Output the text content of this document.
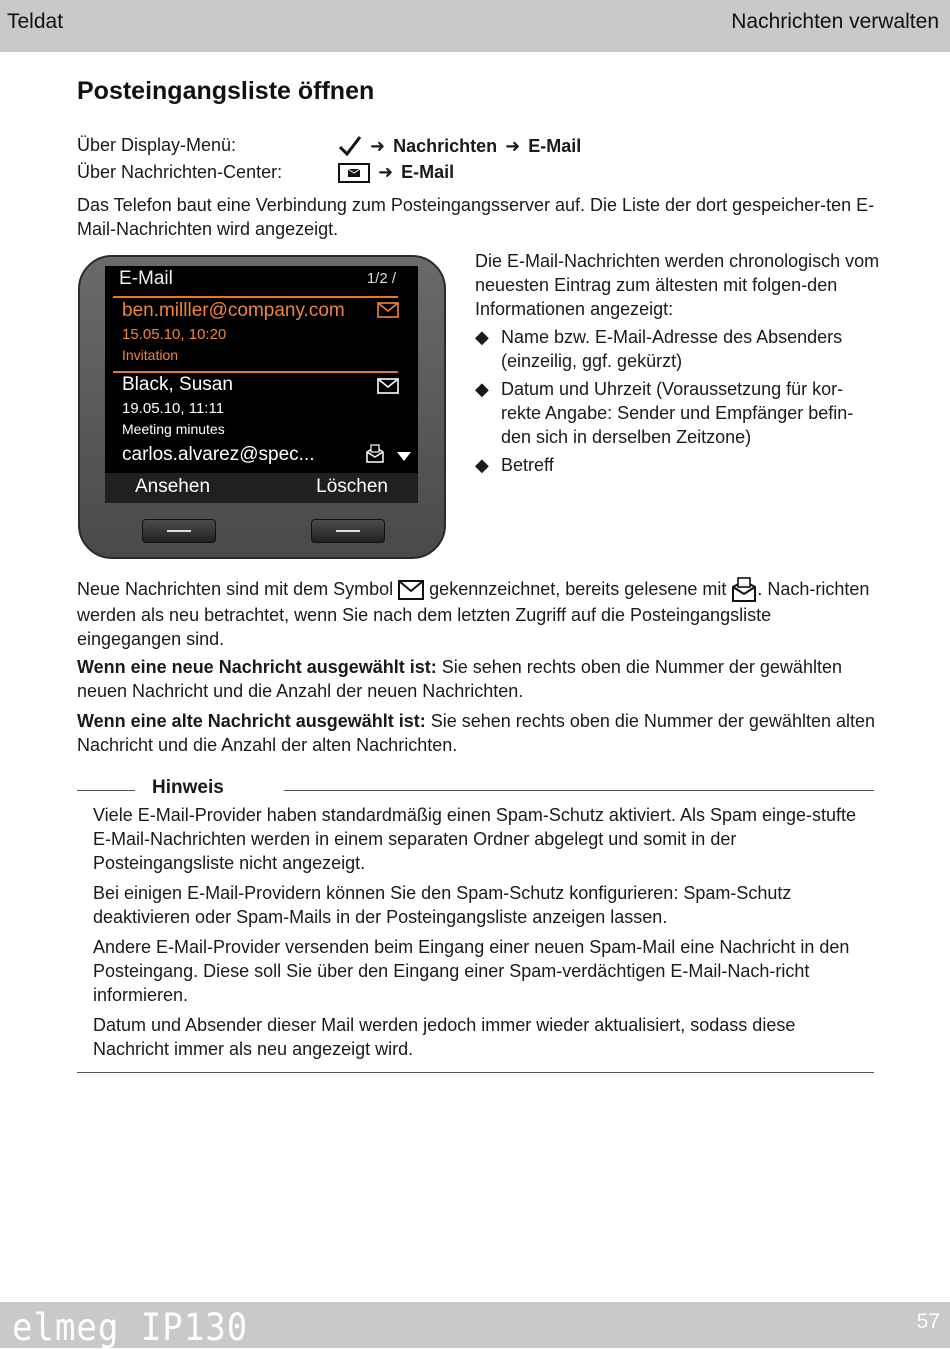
Teldat	Nachrichten verwalten
Posteingangsliste öffnen
Über Display-Menü:	➜ Nachrichten ➜ E-Mail
Über Nachrichten-Center:	➜ E-Mail
Das Telefon baut eine Verbindung zum Posteingangsserver auf. Die Liste der dort gespeicher-ten E-Mail-Nachrichten wird angezeigt.
E-Mail	1/2 /
ben.milller@company.com
15.05.10, 10:20
Invitation
Black, Susan
19.05.10, 11:11
Meeting minutes
carlos.alvarez@spec...
Ansehen	Löschen
Die E-Mail-Nachrichten werden chronologisch vom neuesten Eintrag zum ältesten mit folgen-den Informationen angezeigt:
◆ Name bzw. E-Mail-Adresse des Absenders (einzeilig, ggf. gekürzt)
◆ Datum und Uhrzeit (Voraussetzung für kor-rekte Angabe: Sender und Empfänger befin-den sich in derselben Zeitzone)
◆ Betreff
Neue Nachrichten sind mit dem Symbol gekennzeichnet, bereits gelesene mit . Nach-richten werden als neu betrachtet, wenn Sie nach dem letzten Zugriff auf die Posteingangsliste eingegangen sind.
Wenn eine neue Nachricht ausgewählt ist: Sie sehen rechts oben die Nummer der gewählten neuen Nachricht und die Anzahl der neuen Nachrichten.
Wenn eine alte Nachricht ausgewählt ist: Sie sehen rechts oben die Nummer der gewählten alten Nachricht und die Anzahl der alten Nachrichten.
Hinweis
Viele E-Mail-Provider haben standardmäßig einen Spam-Schutz aktiviert. Als Spam einge-stufte E-Mail-Nachrichten werden in einem separaten Ordner abgelegt und somit in der Posteingangsliste nicht angezeigt.
Bei einigen E-Mail-Providern können Sie den Spam-Schutz konfigurieren: Spam-Schutz deaktivieren oder Spam-Mails in der Posteingangsliste anzeigen lassen.
Andere E-Mail-Provider versenden beim Eingang einer neuen Spam-Mail eine Nachricht in den Posteingang. Diese soll Sie über den Eingang einer Spam-verdächtigen E-Mail-Nach-richt informieren.
Datum und Absender dieser Mail werden jedoch immer wieder aktualisiert, sodass diese Nachricht immer als neu angezeigt wird.
elmeg IP130	57
